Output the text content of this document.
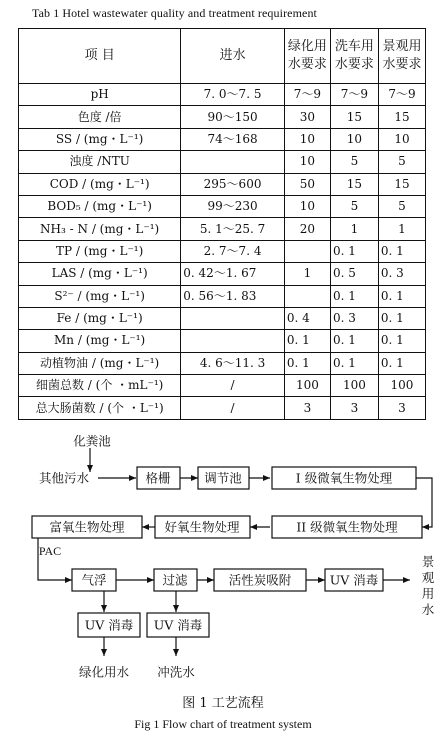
Tab 1 Hotel wastewater quality and treatment requirement
项 目	进水	绿化用水要求	洗车用水要求	景观用水要求
pH	7. 0～7. 5	7～9	7～9	7～9
色度 /倍	90～150	30	15	15
SS / (mg・L⁻¹)	74～168	10	10	10
浊度 /NTU		10	5	5
COD / (mg・L⁻¹)	295～600	50	15	15
BOD₅ / (mg・L⁻¹)	99～230	10	5	5
NH₃ - N / (mg・L⁻¹)	5. 1～25. 7	20	1	1
TP / (mg・L⁻¹)	2. 7～7. 4		0. 1	0. 1
LAS / (mg・L⁻¹)	0. 42～1. 67	1	0. 5	0. 3
S²⁻ / (mg・L⁻¹)	0. 56～1. 83		0. 1	0. 1
Fe / (mg・L⁻¹)		0. 4	0. 3	0. 1
Mn / (mg・L⁻¹)		0. 1	0. 1	0. 1
动植物油 / (mg・L⁻¹)	4. 6～11. 3	0. 1	0. 1	0. 1
细菌总数 / (个 ・mL⁻¹)	/	100	100	100
总大肠菌数 / (个 ・L⁻¹)	/	3	3	3
化粪池
其他污水	格栅	调节池	I 级微氧生物处理
II 级微氧生物处理
好氧生物处理
富氧生物处理
PAC
气浮	过滤	活性炭吸附	UV 消毒
UV 消毒 UV 消毒
绿化用水 冲洗水
景
观
用
水
图 1 工艺流程
Fig 1 Flow chart of treatment system
